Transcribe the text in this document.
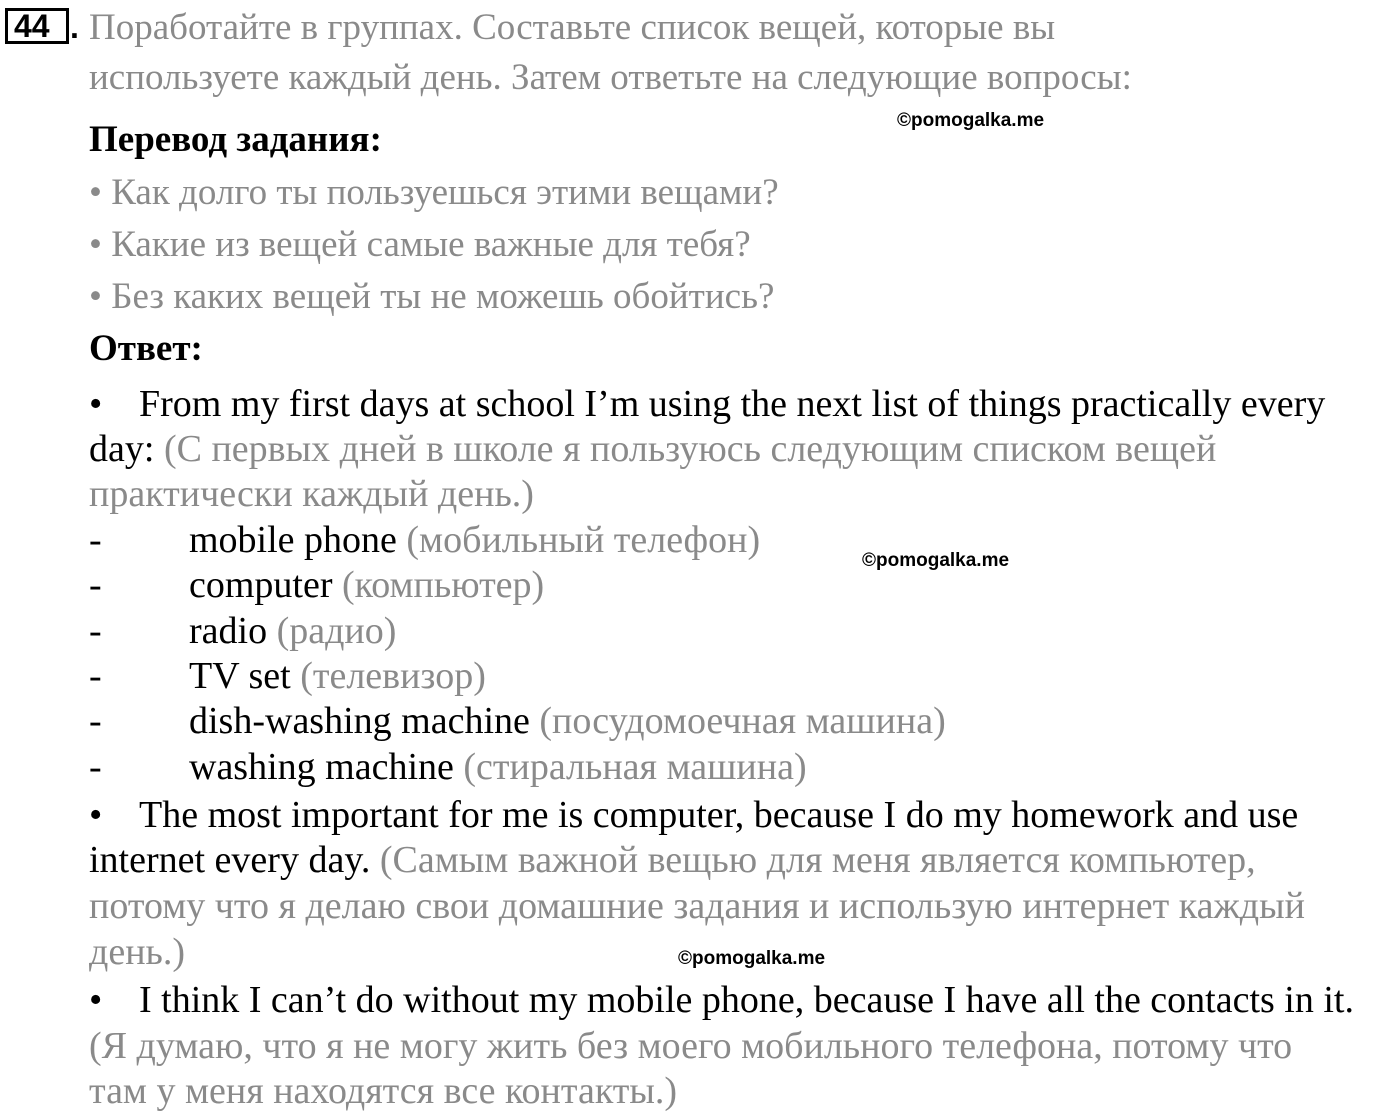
44 . Поработайте в группах. Составьте список вещей, которые вы
используете каждый день. Затем ответьте на следующие вопросы:
©pomogalka.me
Перевод задания:
• Как долго ты пользуешься этими вещами?
• Какие из вещей самые важные для тебя?
• Без каких вещей ты не можешь обойтись?
Ответ:
• From my first days at school I’m using the next list of things practically every
day: (С первых дней в школе я пользуюсь следующим списком вещей
практически каждый день.)
- mobile phone (мобильный телефон)	©pomogalka.me
- computer (компьютер)
- radio (радио)
- TV set (телевизор)
- dish-washing machine (посудомоечная машина)
- washing machine (стиральная машина)
• The most important for me is computer, because I do my homework and use
internet every day. (Самым важной вещью для меня является компьютер,
потому что я делаю свои домашние задания и использую интернет каждый
день.)	©pomogalka.me
• I think I can’t do without my mobile phone, because I have all the contacts in it.
(Я думаю, что я не могу жить без моего мобильного телефона, потому что
там у меня находятся все контакты.)
